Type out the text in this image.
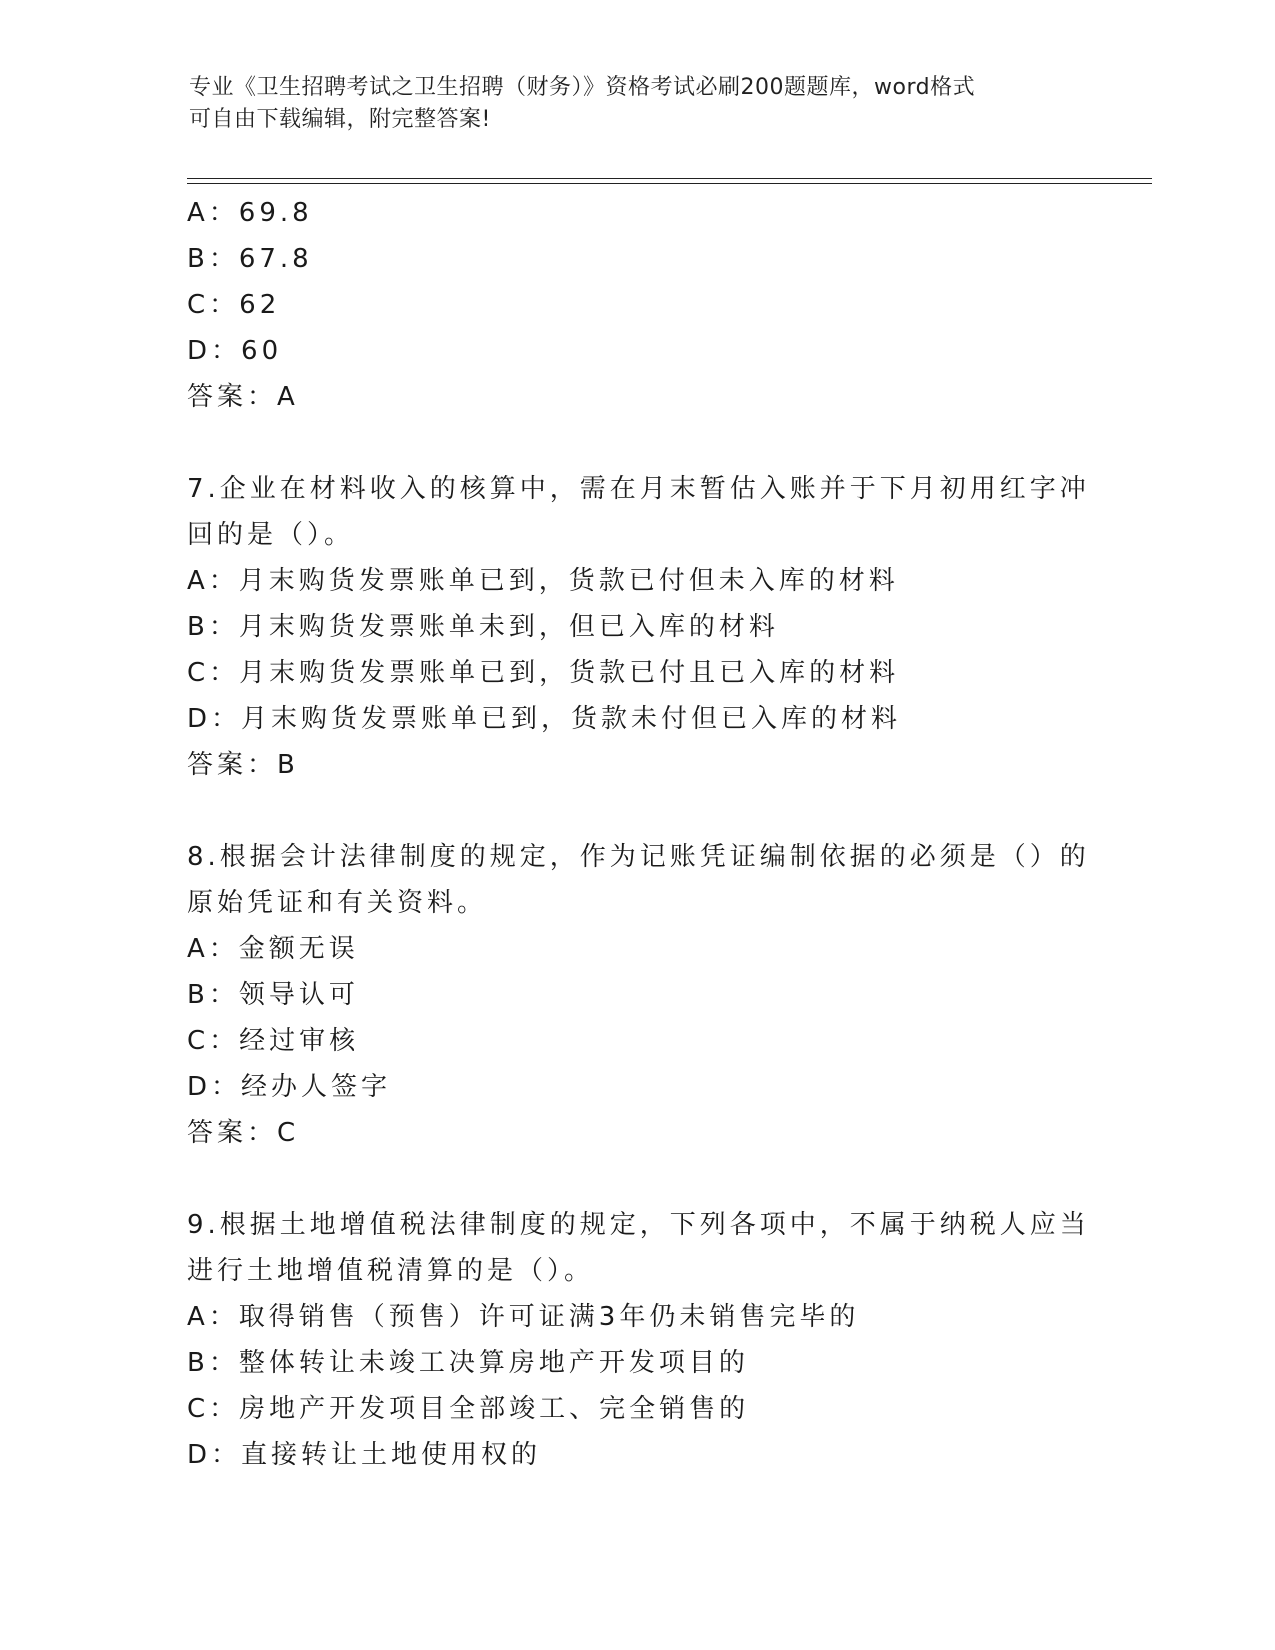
专业《卫生招聘考试之卫生招聘（财务）》资格考试必刷200题题库，word格式
可自由下载编辑，附完整答案!
A：69.8
B：67.8
C：62
D：60
答案：A
7.企业在材料收入的核算中，需在月末暂估入账并于下月初用红字冲
回的是（）。
A：月末购货发票账单已到，货款已付但未入库的材料
B：月末购货发票账单未到，但已入库的材料
C：月末购货发票账单已到，货款已付且已入库的材料
D：月末购货发票账单已到，货款未付但已入库的材料
答案：B
8.根据会计法律制度的规定，作为记账凭证编制依据的必须是（）的
原始凭证和有关资料。
A：金额无误
B：领导认可
C：经过审核
D：经办人签字
答案：C
9.根据土地增值税法律制度的规定，下列各项中，不属于纳税人应当
进行土地增值税清算的是（）。
A：取得销售（预售）许可证满3年仍未销售完毕的
B：整体转让未竣工决算房地产开发项目的
C：房地产开发项目全部竣工、完全销售的
D：直接转让土地使用权的
